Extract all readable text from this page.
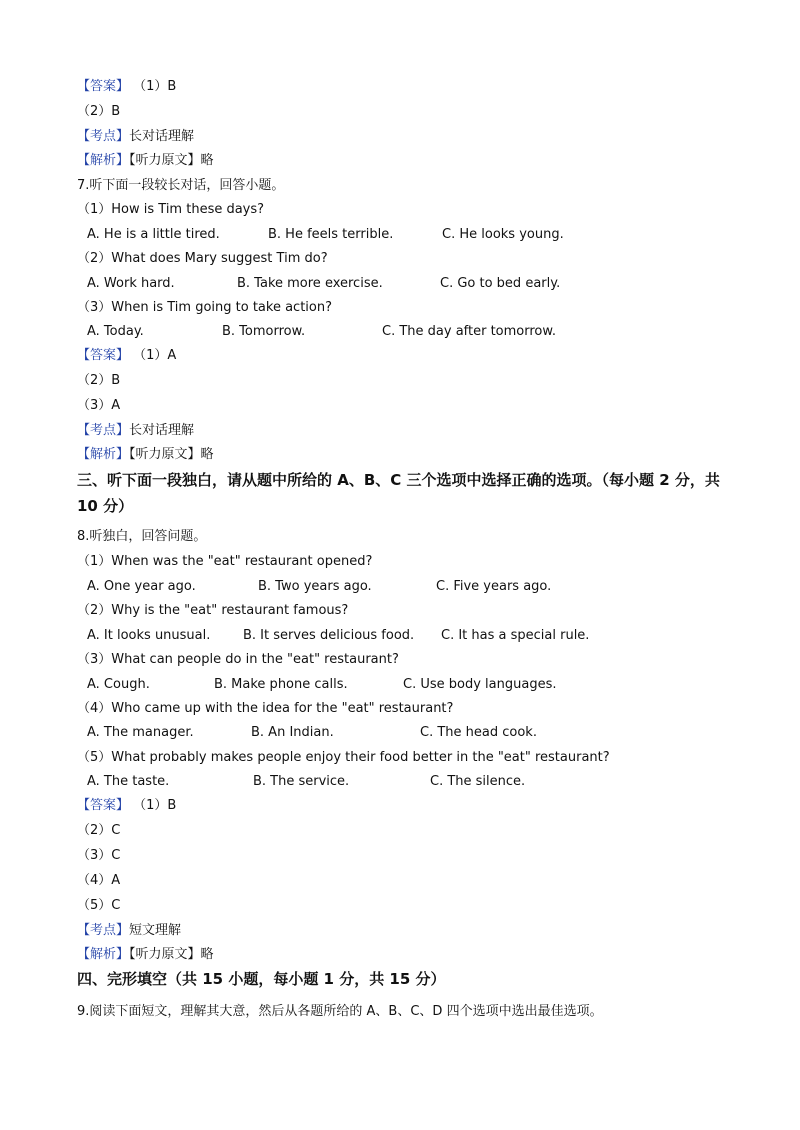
【答案】 （1）B
（2）B
【考点】长对话理解
【解析】【听力原文】略
7.听下面一段较长对话，回答小题。
（1）How is Tim these days?
A. He is a little tired.	B. He feels terrible.	C. He looks young.
（2）What does Mary suggest Tim do?
A. Work hard.	B. Take more exercise.	C. Go to bed early.
（3）When is Tim going to take action?
A. Today.	B. Tomorrow.	C. The day after tomorrow.
【答案】 （1）A
（2）B
（3）A
【考点】长对话理解
【解析】【听力原文】略
三、听下面一段独白，请从题中所给的 A、B、C 三个选项中选择正确的选项。（每小题 2 分，共 10 分）
8.听独白，回答问题。
（1）When was the "eat" restaurant opened?
A. One year ago.	B. Two years ago.	C. Five years ago.
（2）Why is the "eat" restaurant famous?
A. It looks unusual.	B. It serves delicious food. C. It has a special rule.
（3）What can people do in the "eat" restaurant?
A. Cough.	B. Make phone calls.	C. Use body languages.
（4）Who came up with the idea for the "eat" restaurant?
A. The manager.	B. An Indian.	C. The head cook.
（5）What probably makes people enjoy their food better in the "eat" restaurant?
A. The taste.	B. The service.	C. The silence.
【答案】 （1）B
（2）C
（3）C
（4）A
（5）C
【考点】短文理解
【解析】【听力原文】略
四、完形填空（共 15 小题，每小题 1 分，共 15 分）
9.阅读下面短文，理解其大意，然后从各题所给的 A、B、C、D 四个选项中选出最佳选项。
